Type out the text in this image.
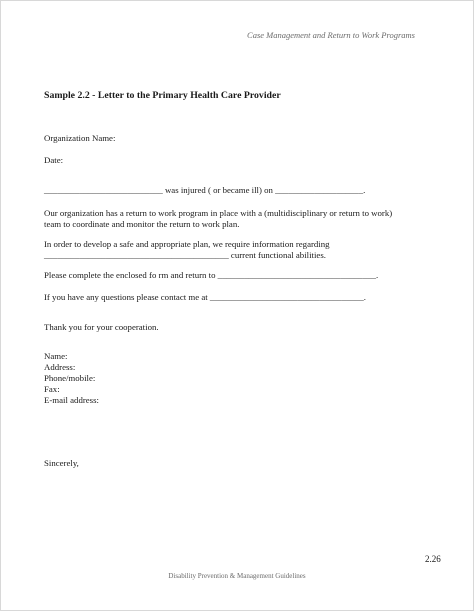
Case Management and Return to Work Programs
Sample 2.2 - Letter to the Primary Health Care Provider
Organization Name:
Date:
___________________________ was injured ( or became ill) on ____________________.
Our organization has a return to work program in place with a (multidisciplinary or return to work)
team to coordinate and monitor the return to work plan.
In order to develop a safe and appropriate plan, we require information regarding
__________________________________________ current functional abilities.
Please complete the enclosed fo rm and return to ____________________________________.
If you have any questions please contact me at ___________________________________.
Thank you for your cooperation.
Name:
Address:
Phone/mobile:
Fax:
E-mail address:
Sincerely,
2.26
Disability Prevention & Management Guidelines
